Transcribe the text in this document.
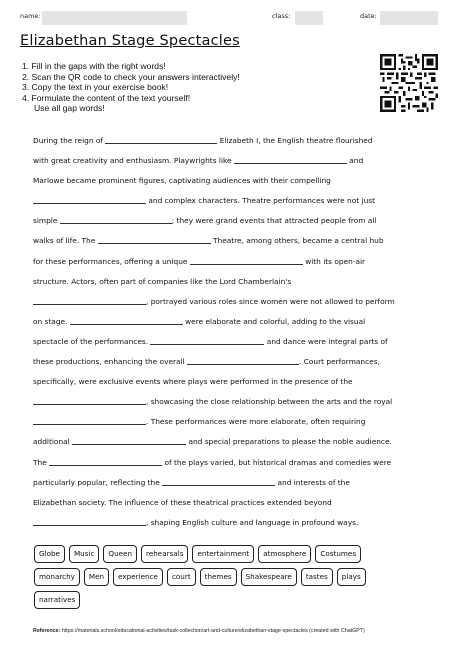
name:	class:	date:
Elizabethan Stage Spectacles
1. Fill in the gaps with the right words!
2. Scan the QR code to check your answers interactively!
3. Copy the text in your exercise book!
4. Formulate the content of the text yourself!
Use all gap words!
During the reign of	Elizabeth I, the English theatre flourished
with great creativity and enthusiasm. Playwrights like	and
Marlowe became prominent figures, captivating audiences with their compelling
and complex characters. Theatre performances were not just
simple	; they were grand events that attracted people from all
walks of life. The	Theatre, among others, became a central hub
for these performances, offering a unique	with its open-air
structure. Actors, often part of companies like the Lord Chamberlain's
, portrayed various roles since women were not allowed to perform
on stage.	were elaborate and colorful, adding to the visual
spectacle of the performances.	and dance were integral parts of
these productions, enhancing the overall	. Court performances,
specifically, were exclusive events where plays were performed in the presence of the
, showcasing the close relationship between the arts and the royal
. These performances were more elaborate, often requiring
additional	and special preparations to please the noble audience.
The	of the plays varied, but historical dramas and comedies were
particularly popular, reflecting the	and interests of the
Elizabethan society. The influence of these theatrical practices extended beyond
, shaping English culture and language in profound ways.
Globe	Music	Queen	rehearsals	entertainment	atmosphere	Costumes
monarchy	Men	experience	court	themes	Shakespeare	tastes	plays
narratives
Reference: https://materials.school/educational-activities/task-collection/art-and-culture/elizabethan-stage-spectacles (created with ChatGPT)
